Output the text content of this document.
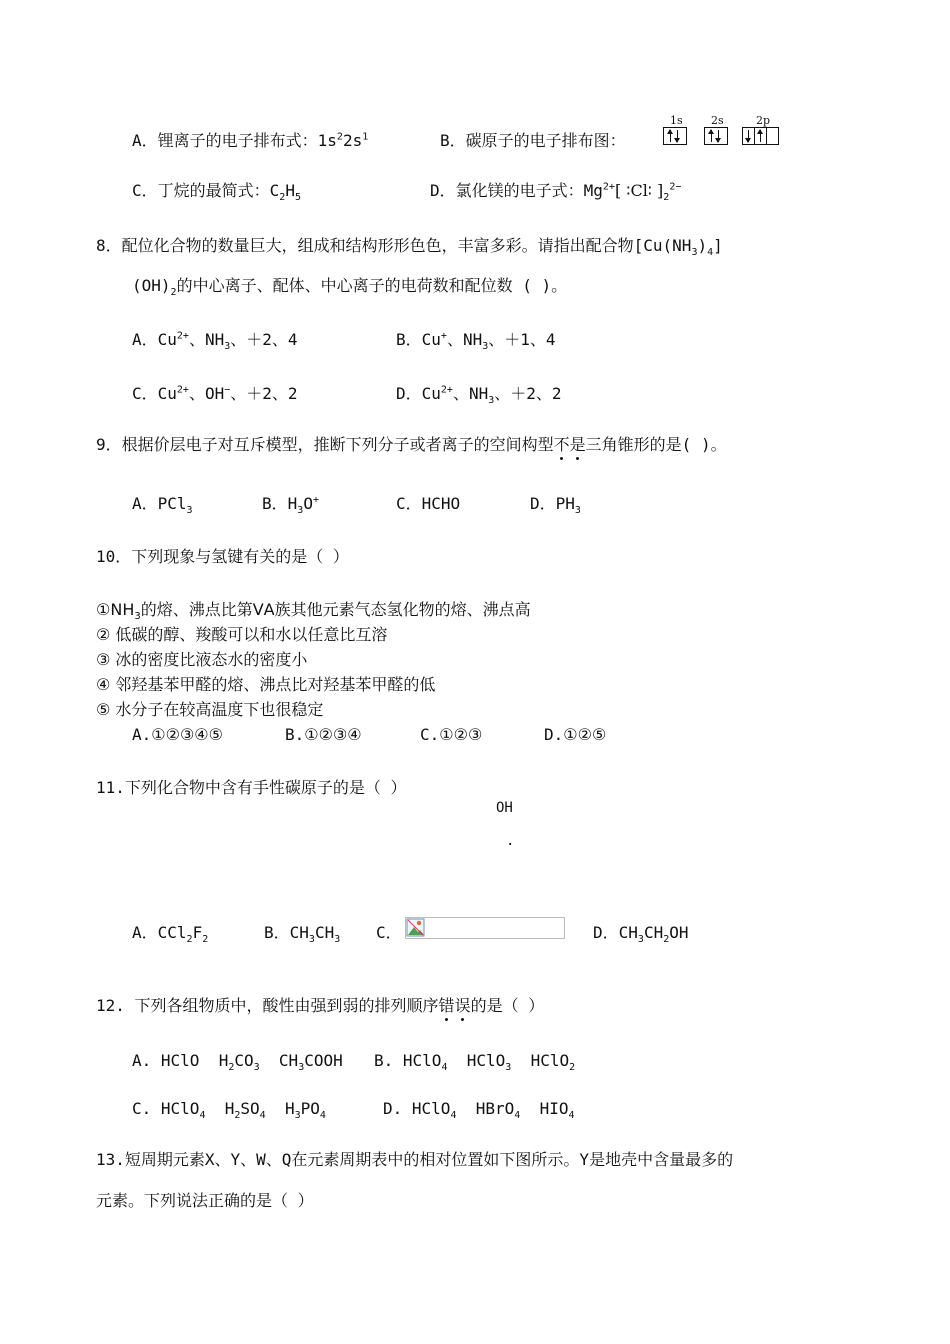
A．锂离子的电子排布式：$1s^22s^1$	B．碳原子的电子排布图：
1s	2s	2p
C．丁烷的最简式：$C_2H_5$	D．氯化镁的电子式：$Mg^{2+}$[ ∶Cl∶ ]$_2^{2-}$
8．配位化合物的数量巨大，组成和结构形形色色，丰富多彩。请指出配合物$[Cu(NH_3)_4]$
$(OH)_2$的中心离子、配体、中心离子的电荷数和配位数 ( )。
A．$Cu^{2+}$、$NH_3$、＋2、4	B．Cu+、$NH_3$、＋1、4
C．$Cu^{2+}$、OH−、＋2、2	D．$Cu^{2+}$、$NH_3$、＋2、2
9．根据价层电子对互斥模型，推断下列分子或者离子的空间构型不是三角锥形的是( )。
A．PCl$_3$	B．$H_3O^+$	C．HCHO	D．$PH_3$
10．下列现象与氢键有关的是（ ）
$①NH_3$的熔、沸点比第ⅤA族其他元素气态氢化物的熔、沸点高
② 低碳的醇、羧酸可以和水以任意比互溶
③ 冰的密度比液态水的密度小
④ 邻羟基苯甲醛的熔、沸点比对羟基苯甲醛的低
⑤ 水分子在较高温度下也很稳定
A.①②③④⑤	B.①②③④	C.①②③	D.①②⑤
11.下列化合物中含有手性碳原子的是（ ）
OH
.
A．$CCl_2F_2$	B．$CH_3CH_3$ C．	D．$CH_3CH_2OH$
12. 下列各组物质中，酸性由强到弱的排列顺序错误的是（ ）
A. HClO  $H_2CO_3$  $CH_3COOH$ B. HClO$_4$  HClO$_3$  HClO$_2$
C. HClO$_4$  $H_2SO_4$  $H_3PO_4$	D. HClO$_4$  HBrO$_4$  $HIO_4$
13.短周期元素X、Y、W、Q在元素周期表中的相对位置如下图所示。Y是地壳中含量最多的
元素。下列说法正确的是（ ）
